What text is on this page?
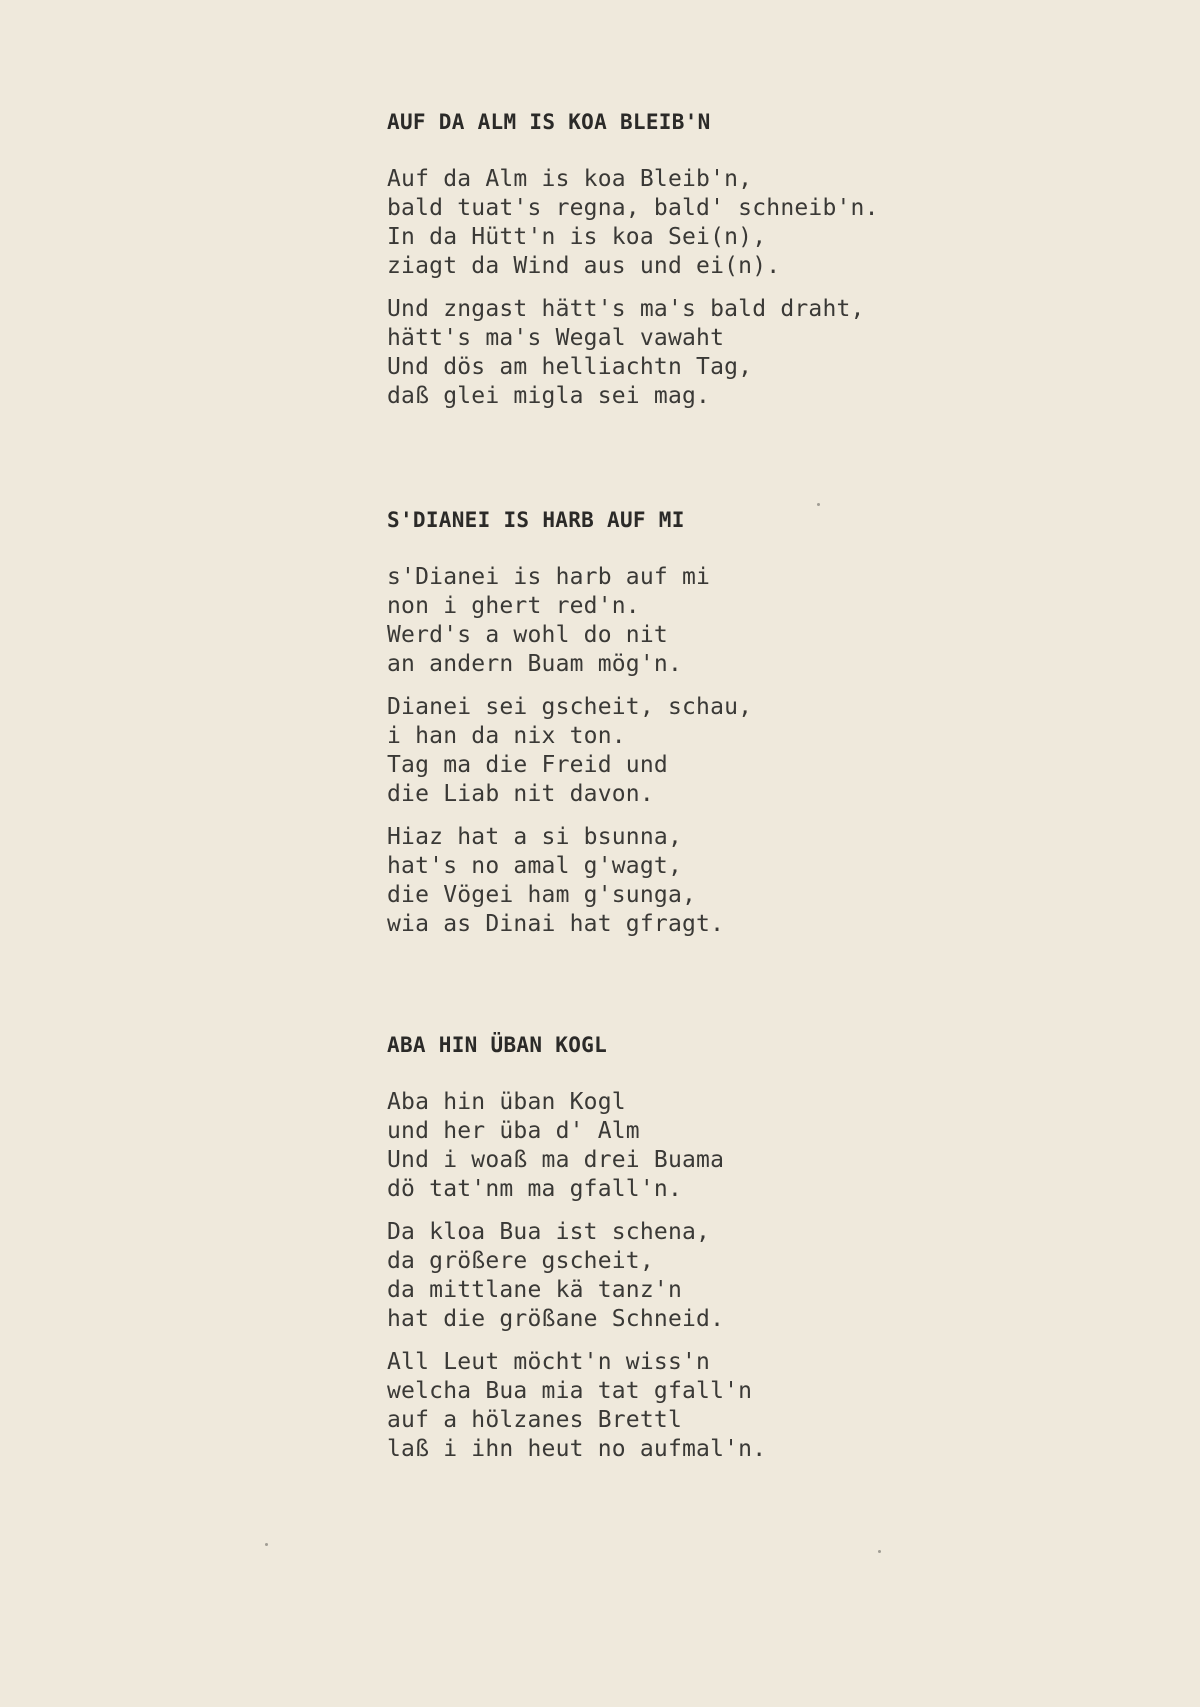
AUF DA ALM IS KOA BLEIB'N
Auf da Alm is koa Bleib'n,
bald tuat's regna, bald' schneib'n.
In da Hütt'n is koa Sei(n),
ziagt da Wind aus und ei(n).
Und zngast hätt's ma's bald draht,
hätt's ma's Wegal vawaht
Und dös am helliachtn Tag,
daß glei migla sei mag.
S'DIANEI IS HARB AUF MI
s'Dianei is harb auf mi
non i ghert red'n.
Werd's a wohl do nit
an andern Buam mög'n.
Dianei sei gscheit, schau,
i han da nix ton.
Tag ma die Freid und
die Liab nit davon.
Hiaz hat a si bsunna,
hat's no amal g'wagt,
die Vögei ham g'sunga,
wia as Dinai hat gfragt.
ABA HIN ÜBAN KOGL
Aba hin üban Kogl
und her üba d' Alm
Und i woaß ma drei Buama
dö tat'nm ma gfall'n.
Da kloa Bua ist schena,
da größere gscheit,
da mittlane kä tanz'n
hat die größane Schneid.
All Leut möcht'n wiss'n
welcha Bua mia tat gfall'n
auf a hölzanes Brettl
laß i ihn heut no aufmal'n.
